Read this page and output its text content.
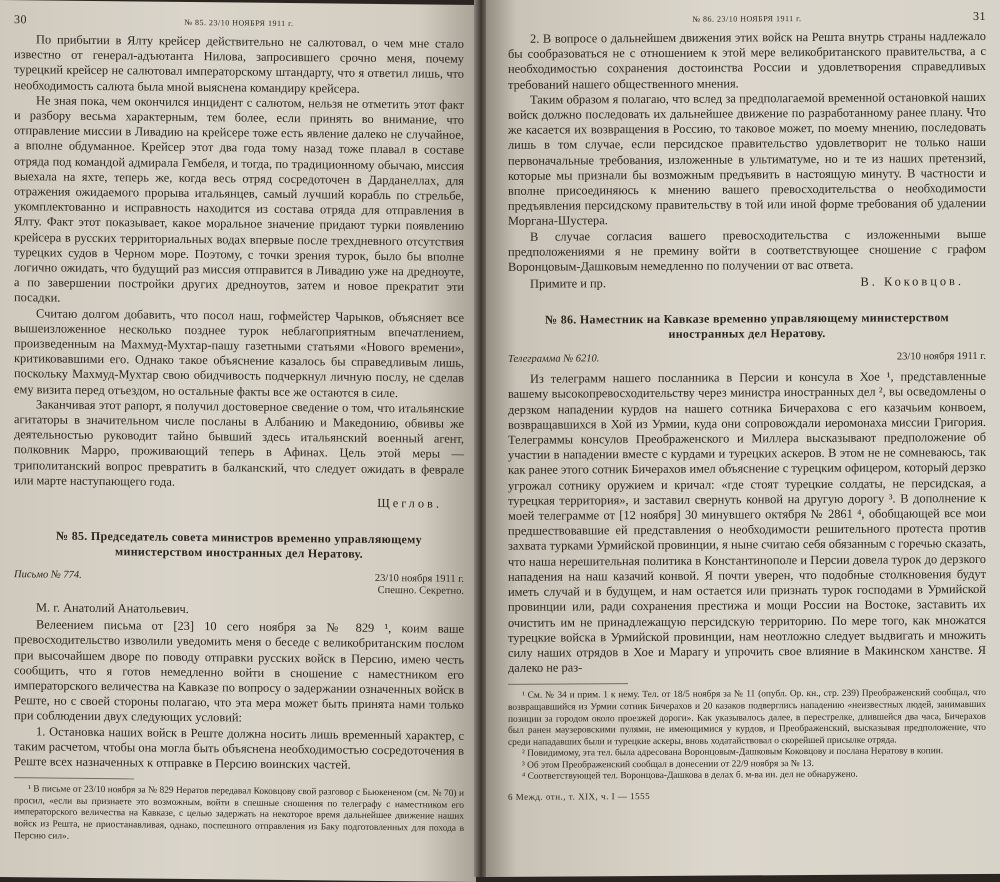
30	№ 85. 23/10 НОЯБРЯ 1911 г.

По прибытии в Ялту крейсер действительно не салютовал, о чем мне стало известно от генерал-адъютанта Нилова, запросившего срочно меня, почему турецкий крейсер не салютовал императорскому штандарту, что я ответил лишь, что необходимость салюта была мной выяснена командиру крейсера.

Не зная пока, чем окончился инцидент с салютом, нельзя не отметить этот факт и разбору весьма характерным, тем более, если принять во внимание, что отправление миссии в Ливадию на крейсере тоже есть явление далеко не случайное, а вполне обдуманное. Крейсер этот два года тому назад тоже плавал в составе отряда под командой адмирала Гембеля, и тогда, по традиционному обычаю, миссия выехала на яхте, теперь же, когда весь отряд сосредоточен в Дарданеллах, для отражения ожидаемого прорыва итальянцев, самый лучший корабль по стрельбе, укомплектованно и исправность находится из состава отряда для отправления в Ялту. Факт этот показывает, какое моральное значение придают турки появлению крейсера в русских территориальных водах впервые после трехдневного отсутствия турецких судов в Черном море. Поэтому, с точки зрения турок, было бы вполне логично ожидать, что будущий раз миссия отправится в Ливадию уже на дредноуте, а по завершении постройки других дредноутов, затем и новое прекратит эти посадки.

Считаю долгом добавить, что посол наш, гофмейстер Чарыков, объясняет все вышеизложенное несколько позднее турок неблагоприятным впечатлением, произведенным на Махмуд-Мухтар-пашу газетными статьями «Нового времени», критиковавшими его. Однако такое объяснение казалось бы справедливым лишь, поскольку Махмуд-Мухтар свою обидчивость подчеркнул личную послу, не сделав ему визита перед отъездом, но остальные факты все же остаются в силе.

Заканчивая этот рапорт, я получил достоверное сведение о том, что итальянские агитаторы в значительном числе посланы в Албанию и Македонию, обвивы же деятельностью руководит тайно бывший здесь итальянский военный агент, полковник Марро, проживающий теперь в Афинах. Цель этой меры — триполитанский вопрос превратить в балканский, что следует ожидать в феврале или марте наступающего года.

Щеглов.
№ 85. Председатель совета министров временно управляющему министерством иностранных дел Нератову.
Письмо № 774.	23/10 ноября 1911 г.
Спешно. Секретно.
М. г. Анатолий Анатольевич.

Велеением письма от [23] 10 сего ноября за № 829 ¹, коим ваше превосходительство изволили уведомить меня о беседе с великобританским послом при высочайшем дворе по поводу отправки русских войск в Персию, имею честь сообщить, что я готов немедленно войти в сношение с наместником его императорского величества на Кавказе по вопросу о задержании означенных войск в Реште, но с своей стороны полагаю, что эта мера может быть принята нами только при соблюдении двух следующих условий:

1. Остановка наших войск в Реште должна носить лишь временный характер, с таким расчетом, чтобы она могла быть объяснена необходимостью сосредоточения в Реште всех назначенных к отправке в Персию воинских частей.

¹ В письме от 23/10 ноября за № 829 Нератов передавал Коковцову свой разговор с Бьюкененом (см. № 70) и просил, «если вы признаете это возможным, войти в спешные сношения по телеграфу с наместником его императорского величества на Кавказе, с целью задержать на некоторое время дальнейшее движение наших войск из Решта, не приостанавливая, однако, поспешного отправления из Баку подготовленных для похода в Персию сил».

№ 86. 23/10 НОЯБРЯ 1911 г.	31

2. В вопросе о дальнейшем движения этих войск на Решта внутрь страны надлежало бы сообразоваться не с отношением к этой мере великобританского правительства, а с необходимостью сохранения достоинства России и удовлетворения справедливых требований нашего общественного мнения.

Таким образом я полагаю, что вслед за предполагаемой временной остановкой наших войск должно последовать их дальнейшее движение по разработанному ранее плану. Что же касается их возвращения в Россию, то таковое может, по моему мнению, последовать лишь в том случае, если персидское правительство удовлетворит не только наши первоначальные требования, изложенные в ультиматуме, но и те из наших претензий, которые мы признали бы возможным предъявить в настоящую минуту. В частности и вполне присоединяюсь к мнению вашего превосходительства о необходимости предъявления персидскому правительству в той или иной форме требования об удалении Моргана-Шустера.

В случае согласия вашего превосходительства с изложенными выше предположениями я не премину войти в соответствующее сношение с графом Воронцовым-Дашковым немедленно по получении от вас ответа.

Примите и пр.	В. Коковцов.
№ 86. Наместник на Кавказе временно управляющему министерством иностранных дел Нератову.
Телеграмма № 6210.	23/10 ноября 1911 г.

Из телеграмм нашего посланника в Персии и консула в Хое ¹, представленные вашему высокопревосходительству через министра иностранных дел ², вы осведомлены о дерзком нападении курдов на нашего сотника Бичерахова с его казачьим конвоем, возвращавшихся в Хой из Урмии, куда они сопровождали иеромонаха миссии Григория. Телеграммы консулов Преображенского и Миллера высказывают предположение об участии в нападении вместе с курдами и турецких аскеров. В этом не не сомневаюсь, так как ранее этого сотник Бичерахов имел объяснение с турецким офицером, который дерзко угрожал сотнику оружием и кричал: «где стоят турецкие солдаты, не персидская, а турецкая территория», и заставил свернуть конвой на другую дорогу ³. В дополнение к моей телеграмме от [12 ноября] 30 минувшего октября № 2861 ⁴, обобщающей все мои предшествовавшие ей представления о необходимости решительного протеста против захвата турками Урмийской провинции, я ныне считаю себя обязанным с горечью сказать, что наша нерешительная политика в Константинополе и Персии довела турок до дерзкого нападения на наш казачий конвой. Я почти уверен, что подобные столкновения будут иметь случай и в будущем, и нам остается или признать турок господами в Урмийской провинции или, ради сохранения престижа и мощи России на Востоке, заставить их очистить им не принадлежащую персидскую территорию. По мере того, как множатся турецкие войска в Урмийской провинции, нам неотложно следует выдвигать и множить силу наших отрядов в Хое и Марагу и упрочить свое влияние в Макинском ханстве. Я далеко не раз-

¹ См. № 34 и прим. 1 к нему. Тел. от 18/5 ноября за № 11 (опубл. Ор. кн., стр. 239) Преображенский сообщал, что возвращавшийся из Урмии сотник Бичерахов и 20 казаков подверглись нападению «неизвестных людей, занимавших позиции за городом около проезжей дороги». Как указывалось далее, в перестрелке, длившейся два часа, Бичерахов был ранен маузеровскими пулями, не имеющимися у курдов, и Преображенский, высказывая предположение, что среди нападавших были и турецкие аскеры, вновь ходатайствовал о скорейшей присылке отряда.

² Повидимому, эта тел. была адресована Воронцовым-Дашковым Коковцову и послана Нератову в копии.

³ Об этом Преображенский сообщал в донесении от 22/9 ноября за № 13.

⁴ Соответствующей тел. Воронцова-Дашкова в делах б. м-ва ин. дел не обнаружено.

6 Межд. отн., т. XIX, ч. I — 1555
